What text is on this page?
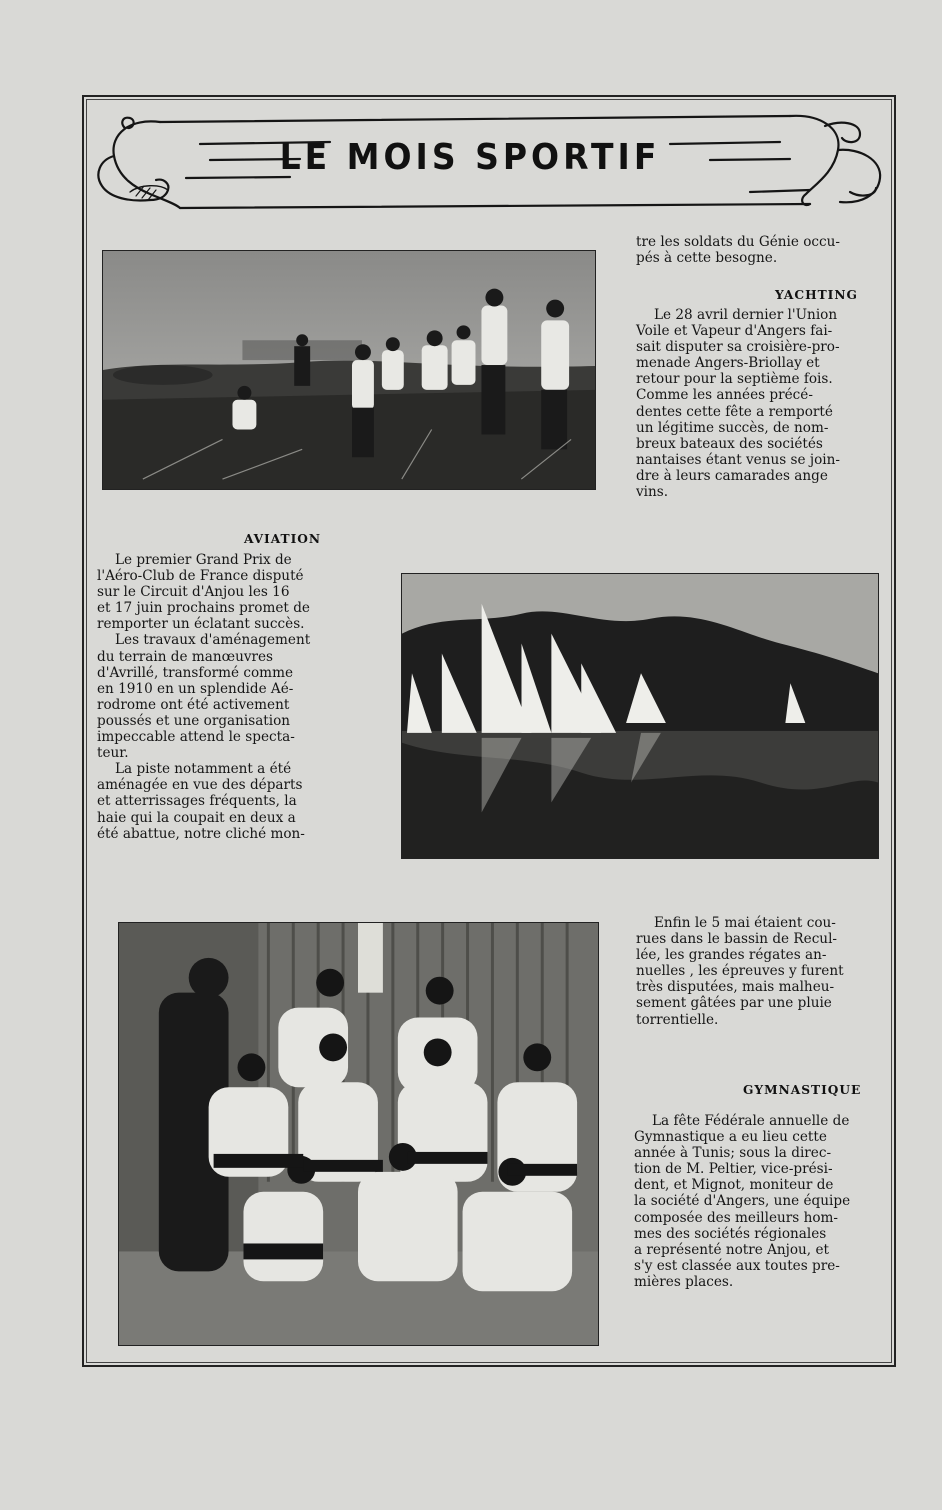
LE MOIS SPORTIF
tre les soldats du Génie occu-
pés à cette besogne.
YACHTING
Le 28 avril dernier l'Union
Voile et Vapeur d'Angers fai-
sait disputer sa croisière-pro-
menade Angers-Briollay et
retour pour la septième fois.
Comme les années précé-
dentes cette fête a remporté
un légitime succès, de nom-
breux bateaux des sociétés
nantaises étant venus se join-
dre à leurs camarades ange
vins.
AVIATION
Le premier Grand Prix de
l'Aéro-Club de France disputé
sur le Circuit d'Anjou les 16
et 17 juin prochains promet de
remporter un éclatant succès.
Les travaux d'aménagement
du terrain de manœuvres
d'Avrillé, transformé comme
en 1910 en un splendide Aé-
rodrome ont été activement
poussés et une organisation
impeccable attend le specta-
teur.
La piste notamment a été
aménagée en vue des départs
et atterrissages fréquents, la
haie qui la coupait en deux a
été abattue, notre cliché mon-
Enfin le 5 mai étaient cou-
rues dans le bassin de Recul-
lée, les grandes régates an-
nuelles , les épreuves y furent
très disputées, mais malheu-
sement gâtées par une pluie
torrentielle.
GYMNASTIQUE
La fête Fédérale annuelle de
Gymnastique a eu lieu cette
année à Tunis; sous la direc-
tion de M. Peltier, vice-prési-
dent, et Mignot, moniteur de
la société d'Angers, une équipe
composée des meilleurs hom-
mes des sociétés régionales
a représenté notre Anjou, et
s'y est classée aux toutes pre-
mières places.
